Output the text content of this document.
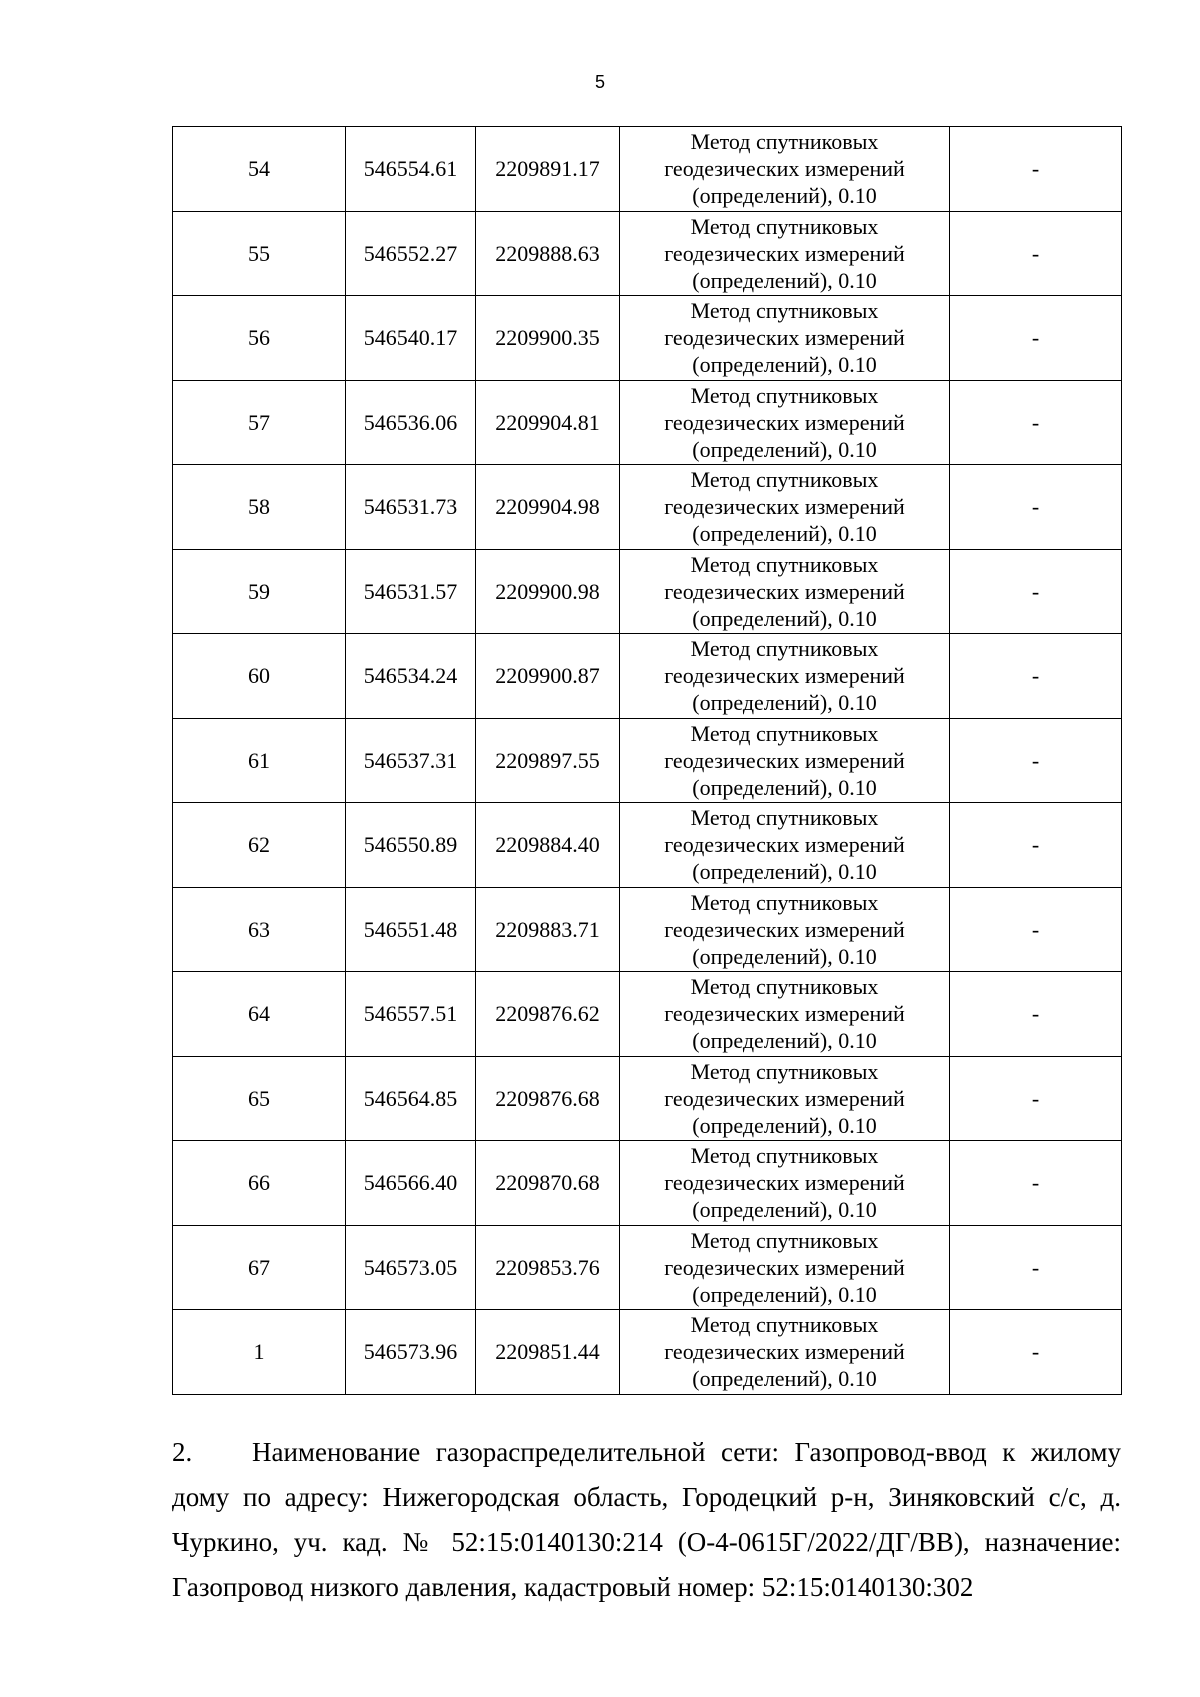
5
54	546554.61	2209891.17	Метод спутниковых
геодезических измерений
(определений), 0.10	-
55	546552.27	2209888.63	Метод спутниковых
геодезических измерений
(определений), 0.10	-
56	546540.17	2209900.35	Метод спутниковых
геодезических измерений
(определений), 0.10	-
57	546536.06	2209904.81	Метод спутниковых
геодезических измерений
(определений), 0.10	-
58	546531.73	2209904.98	Метод спутниковых
геодезических измерений
(определений), 0.10	-
59	546531.57	2209900.98	Метод спутниковых
геодезических измерений
(определений), 0.10	-
60	546534.24	2209900.87	Метод спутниковых
геодезических измерений
(определений), 0.10	-
61	546537.31	2209897.55	Метод спутниковых
геодезических измерений
(определений), 0.10	-
62	546550.89	2209884.40	Метод спутниковых
геодезических измерений
(определений), 0.10	-
63	546551.48	2209883.71	Метод спутниковых
геодезических измерений
(определений), 0.10	-
64	546557.51	2209876.62	Метод спутниковых
геодезических измерений
(определений), 0.10	-
65	546564.85	2209876.68	Метод спутниковых
геодезических измерений
(определений), 0.10	-
66	546566.40	2209870.68	Метод спутниковых
геодезических измерений
(определений), 0.10	-
67	546573.05	2209853.76	Метод спутниковых
геодезических измерений
(определений), 0.10	-
1	546573.96	2209851.44	Метод спутниковых
геодезических измерений
(определений), 0.10	-
2. Наименование газораспределительной сети: Газопровод-ввод к жилому дому по адресу: Нижегородская область, Городецкий р-н, Зиняковский с/с, д. Чуркино, уч. кад. № 52:15:0140130:214 (О-4-0615Г/2022/ДГ/ВВ), назначение: Газопровод низкого давления, кадастровый номер: 52:15:0140130:302
